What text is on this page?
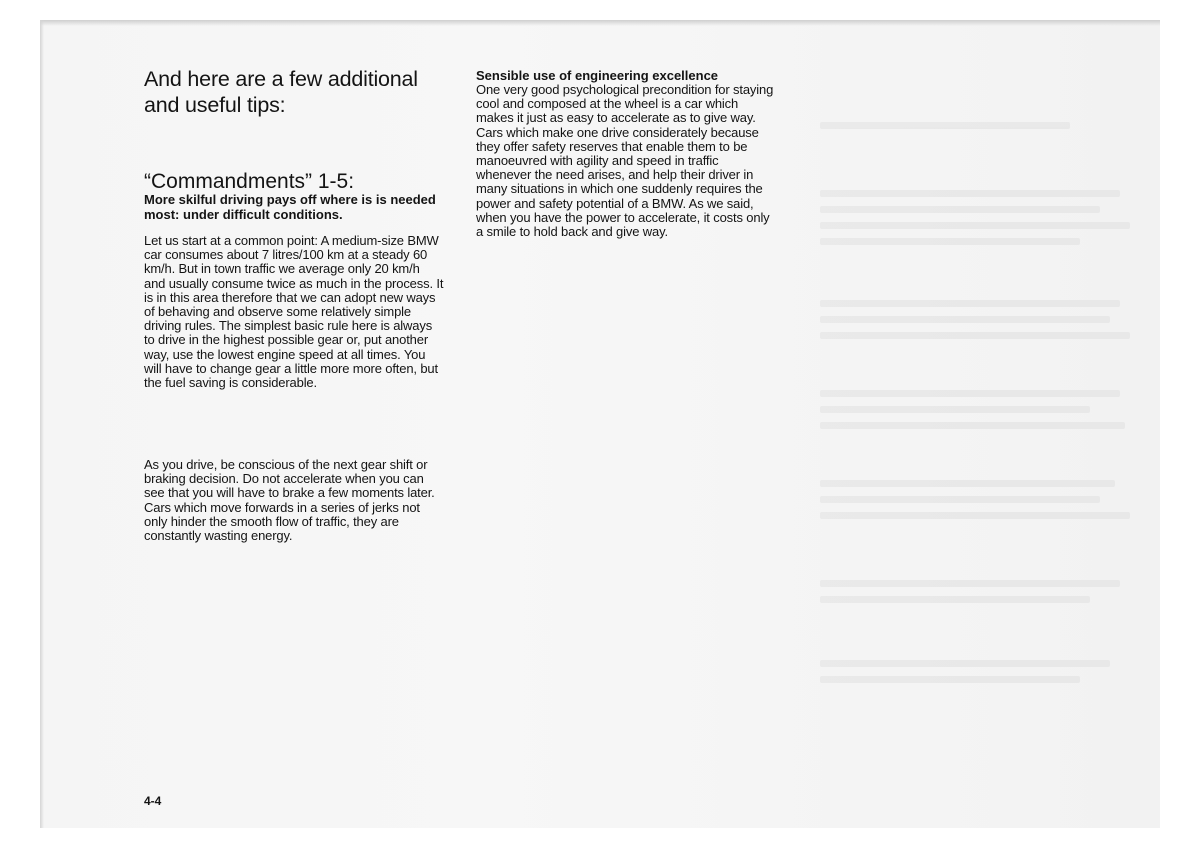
And here are a few additional and useful tips:
“Commandments” 1-5:

More skilful driving pays off where is is needed most: under difficult conditions.

Let us start at a common point: A medium-size BMW car consumes about 7 litres/100 km at a steady 60 km/h. But in town traffic we average only 20 km/h and usually consume twice as much in the process. It is in this area therefore that we can adopt new ways of behaving and observe some relatively simple driving rules. The simplest basic rule here is always to drive in the highest possible gear or, put another way, use the lowest engine speed at all times. You will have to change gear a little more more often, but the fuel saving is considerable.

As you drive, be conscious of the next gear shift or braking decision. Do not accelerate when you can see that you will have to brake a few moments later. Cars which move forwards in a series of jerks not only hinder the smooth flow of traffic, they are constantly wasting energy.

Sensible use of engineering excellence

One very good psychological precondition for staying cool and composed at the wheel is a car which makes it just as easy to accelerate as to give way. Cars which make one drive considerately because they offer safety reserves that enable them to be manoeuvred with agility and speed in traffic whenever the need arises, and help their driver in many situations in which one suddenly requires the power and safety potential of a BMW. As we said, when you have the power to accelerate, it costs only a smile to hold back and give way.

4-4
